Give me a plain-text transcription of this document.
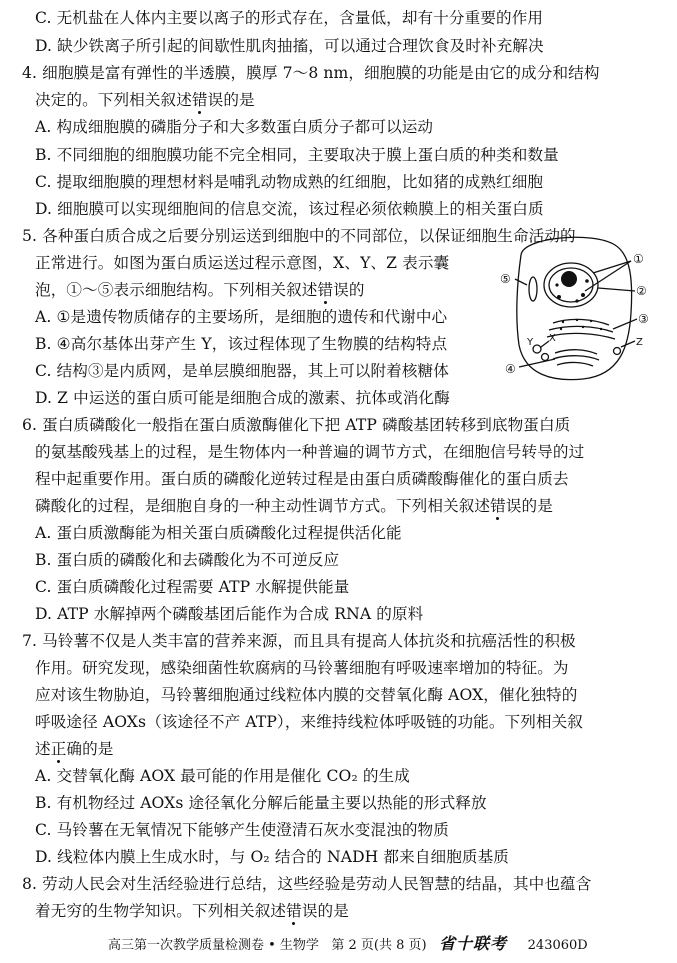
C. 无机盐在人体内主要以离子的形式存在，含量低，却有十分重要的作用
D. 缺少铁离子所引起的间歇性肌肉抽搐，可以通过合理饮食及时补充解决
4. 细胞膜是富有弹性的半透膜，膜厚 7～8 nm，细胞膜的功能是由它的成分和结构
决定的。下列相关叙述错误的是
A. 构成细胞膜的磷脂分子和大多数蛋白质分子都可以运动
B. 不同细胞的细胞膜功能不完全相同，主要取决于膜上蛋白质的种类和数量
C. 提取细胞膜的理想材料是哺乳动物成熟的红细胞，比如猪的成熟红细胞
D. 细胞膜可以实现细胞间的信息交流，该过程必须依赖膜上的相关蛋白质
5. 各种蛋白质合成之后要分别运送到细胞中的不同部位，以保证细胞生命活动的
正常进行。如图为蛋白质运送过程示意图，X、Y、Z 表示囊
泡，①～⑤表示细胞结构。下列相关叙述错误的
A. ①是遗传物质储存的主要场所，是细胞的遗传和代谢中心
B. ④高尔基体出芽产生 Y，该过程体现了生物膜的结构特点
C. 结构③是内质网，是单层膜细胞器，其上可以附着核糖体
D. Z 中运送的蛋白质可能是细胞合成的激素、抗体或消化酶
①
②
③
④
⑤
X
Y	Z
6. 蛋白质磷酸化一般指在蛋白质激酶催化下把 ATP 磷酸基团转移到底物蛋白质
的氨基酸残基上的过程，是生物体内一种普遍的调节方式，在细胞信号转导的过
程中起重要作用。蛋白质的磷酸化逆转过程是由蛋白质磷酸酶催化的蛋白质去
磷酸化的过程，是细胞自身的一种主动性调节方式。下列相关叙述错误的是
A. 蛋白质激酶能为相关蛋白质磷酸化过程提供活化能
B. 蛋白质的磷酸化和去磷酸化为不可逆反应
C. 蛋白质磷酸化过程需要 ATP 水解提供能量
D. ATP 水解掉两个磷酸基团后能作为合成 RNA 的原料
7. 马铃薯不仅是人类丰富的营养来源，而且具有提高人体抗炎和抗癌活性的积极
作用。研究发现，感染细菌性软腐病的马铃薯细胞有呼吸速率增加的特征。为
应对该生物胁迫，马铃薯细胞通过线粒体内膜的交替氧化酶 AOX，催化独特的
呼吸途径 AOXs（该途径不产 ATP），来维持线粒体呼吸链的功能。下列相关叙
述正确的是
A. 交替氧化酶 AOX 最可能的作用是催化 CO₂ 的生成
B. 有机物经过 AOXs 途径氧化分解后能量主要以热能的形式释放
C. 马铃薯在无氧情况下能够产生使澄清石灰水变混浊的物质
D. 线粒体内膜上生成水时，与 O₂ 结合的 NADH 都来自细胞质基质
8. 劳动人民会对生活经验进行总结，这些经验是劳动人民智慧的结晶，其中也蕴含
着无穷的生物学知识。下列相关叙述错误的是
高三第一次教学质量检测卷 • 生物学 第 2 页(共 8 页) 省十联考 243060D
